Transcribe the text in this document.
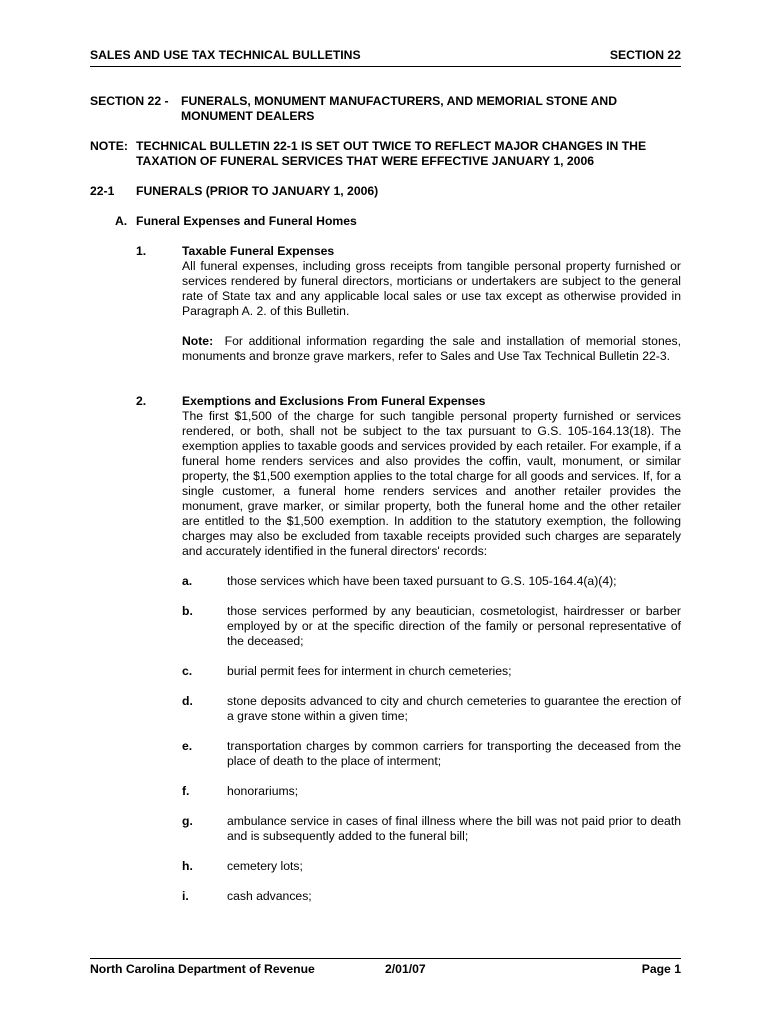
SALES AND USE TAX TECHNICAL BULLETINS	SECTION 22
SECTION 22 - FUNERALS, MONUMENT MANUFACTURERS, AND MEMORIAL STONE AND
MONUMENT DEALERS
NOTE: TECHNICAL BULLETIN 22-1 IS SET OUT TWICE TO REFLECT MAJOR CHANGES IN THE TAXATION OF FUNERAL SERVICES THAT WERE EFFECTIVE JANUARY 1, 2006
22-1 FUNERALS (PRIOR TO JANUARY 1, 2006)
A. Funeral Expenses and Funeral Homes
1.	Taxable Funeral Expenses
All funeral expenses, including gross receipts from tangible personal property furnished or services rendered by funeral directors, morticians or undertakers are subject to the general rate of State tax and any applicable local sales or use tax except as otherwise provided in Paragraph A. 2. of this Bulletin.
Note: For additional information regarding the sale and installation of memorial stones, monuments and bronze grave markers, refer to Sales and Use Tax Technical Bulletin 22-3.
2.	Exemptions and Exclusions From Funeral Expenses
The first $1,500 of the charge for such tangible personal property furnished or services rendered, or both, shall not be subject to the tax pursuant to G.S. 105-164.13(18). The exemption applies to taxable goods and services provided by each retailer. For example, if a funeral home renders services and also provides the coffin, vault, monument, or similar property, the $1,500 exemption applies to the total charge for all goods and services. If, for a single customer, a funeral home renders services and another retailer provides the monument, grave marker, or similar property, both the funeral home and the other retailer are entitled to the $1,500 exemption. In addition to the statutory exemption, the following charges may also be excluded from taxable receipts provided such charges are separately and accurately identified in the funeral directors' records:
a.	those services which have been taxed pursuant to G.S. 105-164.4(a)(4);
b.	those services performed by any beautician, cosmetologist, hairdresser or barber employed by or at the specific direction of the family or personal representative of the deceased;
c.	burial permit fees for interment in church cemeteries;
d.	stone deposits advanced to city and church cemeteries to guarantee the erection of a grave stone within a given time;
e.	transportation charges by common carriers for transporting the deceased from the place of death to the place of interment;
f.	honorariums;
g.	ambulance service in cases of final illness where the bill was not paid prior to death and is subsequently added to the funeral bill;
h.	cemetery lots;
i.	cash advances;
North Carolina Department of Revenue	2/01/07	Page 1
